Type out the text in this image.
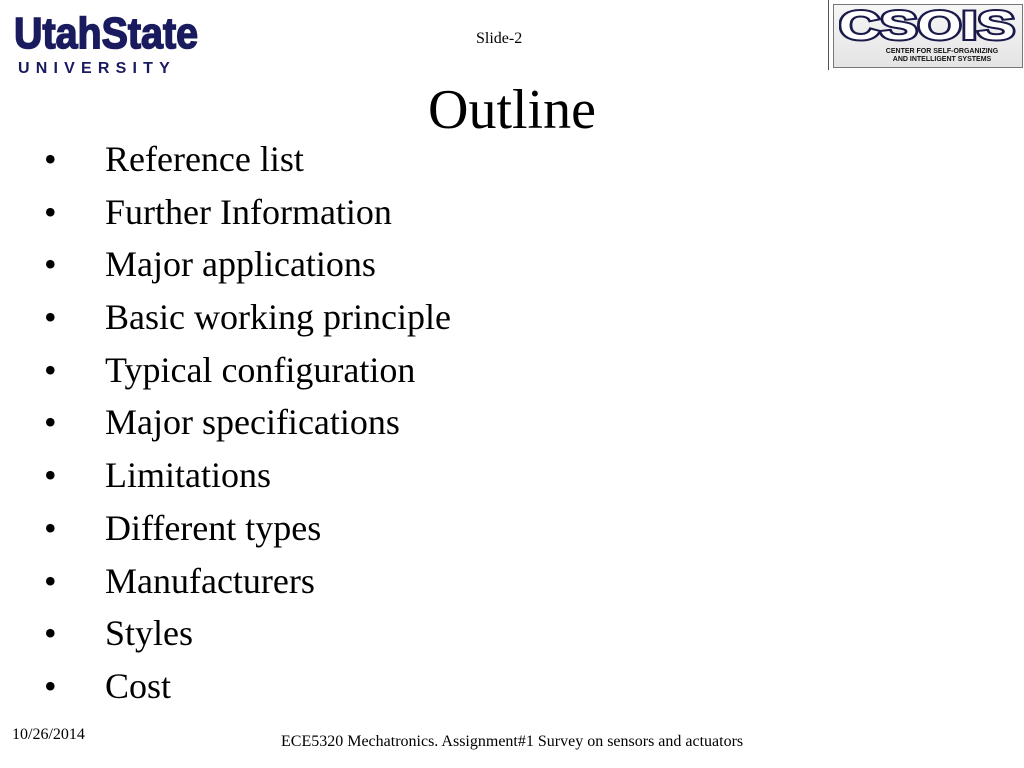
UtahState
UNIVERSITY
Slide-2	CSOIS
CENTER FOR SELF-ORGANIZING
AND INTELLIGENT SYSTEMS
Outline
• Reference list
• Further Information
• Major applications
• Basic working principle
• Typical configuration
• Major specifications
• Limitations
• Different types
• Manufacturers
• Styles
• Cost
10/26/2014	ECE5320 Mechatronics. Assignment#1 Survey on sensors and actuators
